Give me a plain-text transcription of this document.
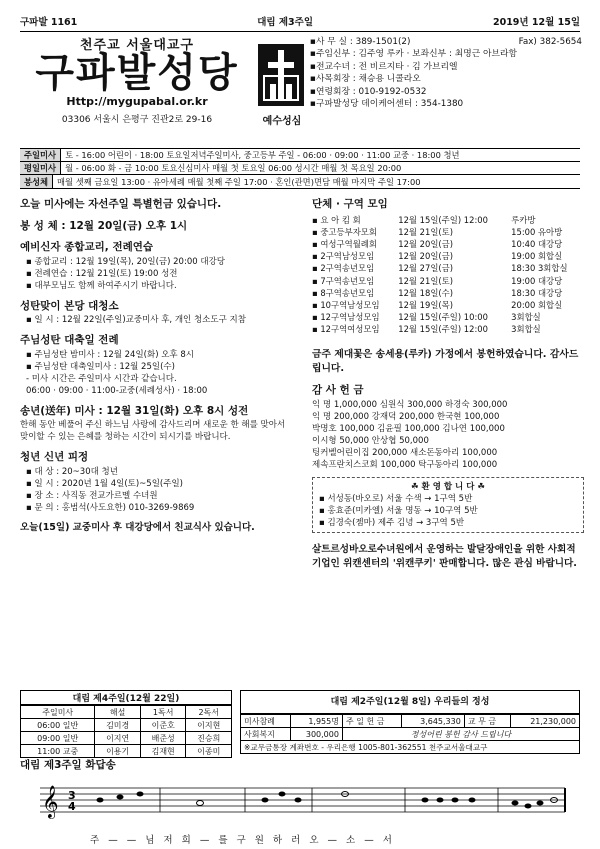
구파발 1161	대림 제3주일	2019년 12월 15일
천주교 서울대교구
구파발성당
Http://mygupabal.or.kr
03306 서울시 은평구 진관2로 29-16	예수성심
▪사 무 실 : 389-1501(2)	Fax) 382-5654
▪주임신부 : 김주영 루카 · 보좌신부 : 최명근 아브라함
▪전교수녀 : 전 비르지타 · 김 가브리엘
▪사목회장 : 채승용 니콜라오
▪연령회장 : 010-9192-0532
▪구파발성당 데이케어센터 : 354-1380
주일미사	토 - 16:00 어린이 · 18:00 토요일저녁주일미사, 중고등부 주일 - 06:00 · 09:00 · 11:00 교중 · 18:00 청년
평일미사	월 - 06:00 화 - 금 10:00 토요신심미사 매월 첫 토요일 06:00 성시간 매월 첫 목요일 20:00
봉성체	매월 셋째 금요일 13:00 · 유아세례 매월 첫째 주일 17:00 · 혼인(관면)면담 매월 마지막 주일 17:00
오늘 미사에는 자선주일 특별헌금 있습니다.
봉 성 체 : 12월 20일(금) 오후 1시
예비신자 종합교리, 전례연습
▪ 종합교리 : 12월 19일(목), 20일(금) 20:00 대강당
▪ 전례연습 : 12월 21일(토) 19:00 성전
▪ 대부모님도 함께 하여주시기 바랍니다.
성탄맞이 본당 대청소
▪ 일 시 : 12월 22일(주일)교중미사 후, 개인 청소도구 지참
주님성탄 대축일 전례
▪ 주님성탄 밤미사 : 12월 24일(화) 오후 8시
▪ 주님성탄 대축일미사 : 12월 25일(수)
- 미사 시간은 주일미사 시간과 같습니다.
06:00 · 09:00 · 11:00-교중(세례성사) · 18:00
송년(送年) 미사 : 12월 31일(화) 오후 8시 성전
한해 동안 베풀어 주신 하느님 사랑에 감사드리며 새로운 한 해를 맞아서 맞이할 수 있는 은혜를 청하는 시간이 되시기를 바랍니다.
청년 신년 피정
▪ 대 상 : 20~30대 청년
▪ 일 시 : 2020년 1월 4일(토)~5일(주일)
▪ 장 소 : 사직동 전교가르멜 수녀원
▪ 문 의 : 홍범석(사도요한) 010-3269-9869
오늘(15일) 교중미사 후 대강당에서 친교식사 있습니다.
단체 · 구역 모임
▪ 요 아 킴 회	12월 15일(주일) 12:00	루카방
▪ 중고등부자모회	12월 21일(토)	15:00 유아방
▪ 여성구역월례회	12월 20일(금)	10:40 대강당
▪ 2구역남성모임	12월 20일(금)	19:00 회합실
▪ 2구역송년모임	12월 27일(금)	18:30 3회합실
▪ 7구역송년모임	12월 21일(토)	19:00 대강당
▪ 8구역송년모임	12월 18일(수)	18:30 대강당
▪ 10구역남성모임	12월 19일(목)	20:00 회합실
▪ 12구역남성모임	12월 15일(주일) 10:00	3회합실
▪ 12구역여성모임	12월 15일(주일) 12:00	3회합실
금주 제대꽃은 송세용(루카) 가정에서 봉헌하였습니다. 감사드립니다.
감 사 헌 금
익 명 1,000,000 심원식 300,000 하경숙 300,000
익 명 200,000 강재덕 200,000 한국현 100,000
박명호 100,000 김윤필 100,000 김나연 100,000
이시형 50,000 안상협 50,000
팅커벨어린이집 200,000 새소돈동아리 100,000
제속프란치스코회 100,000 탁구동아리 100,000
☘ 환 영 합 니 다 ☘
▪ 서성동(바오로) 서울 수색 → 1구역 5반
▪ 홍효준(미카엘) 서울 명동 → 10구역 5반
▪ 김경숙(젬마) 제주 김녕 → 3구역 5반
살트르성바오로수녀원에서 운영하는 발달장애인을 위한 사회적 기업인 위캔센터의 '위캔쿠키' 판매합니다. 많은 관심 바랍니다.
대림 제4주일(12월 22일)
주일미사	해설	1독서	2독서
06:00 일반	김미경	이준호	이지현
09:00 일반	이지연	배준성	진승희
11:00 교중	이용기	김재현	이종미
대림 제2주일(12월 8일) 우리들의 정성
미사참례	1,955명	주 일 헌 금	3,645,330	교 무 금	21,230,000
사회복지	300,000	정성어린 봉헌 감사 드립니다			
※교무금통장 계좌번호 - 우리은행 1005-801-362551 천주교서울대교구					
대림 제3주일 화답송
𝄞 3
4
주 — — 님 저 희 — 를 구 원 하 러 오 — 소 — 서
